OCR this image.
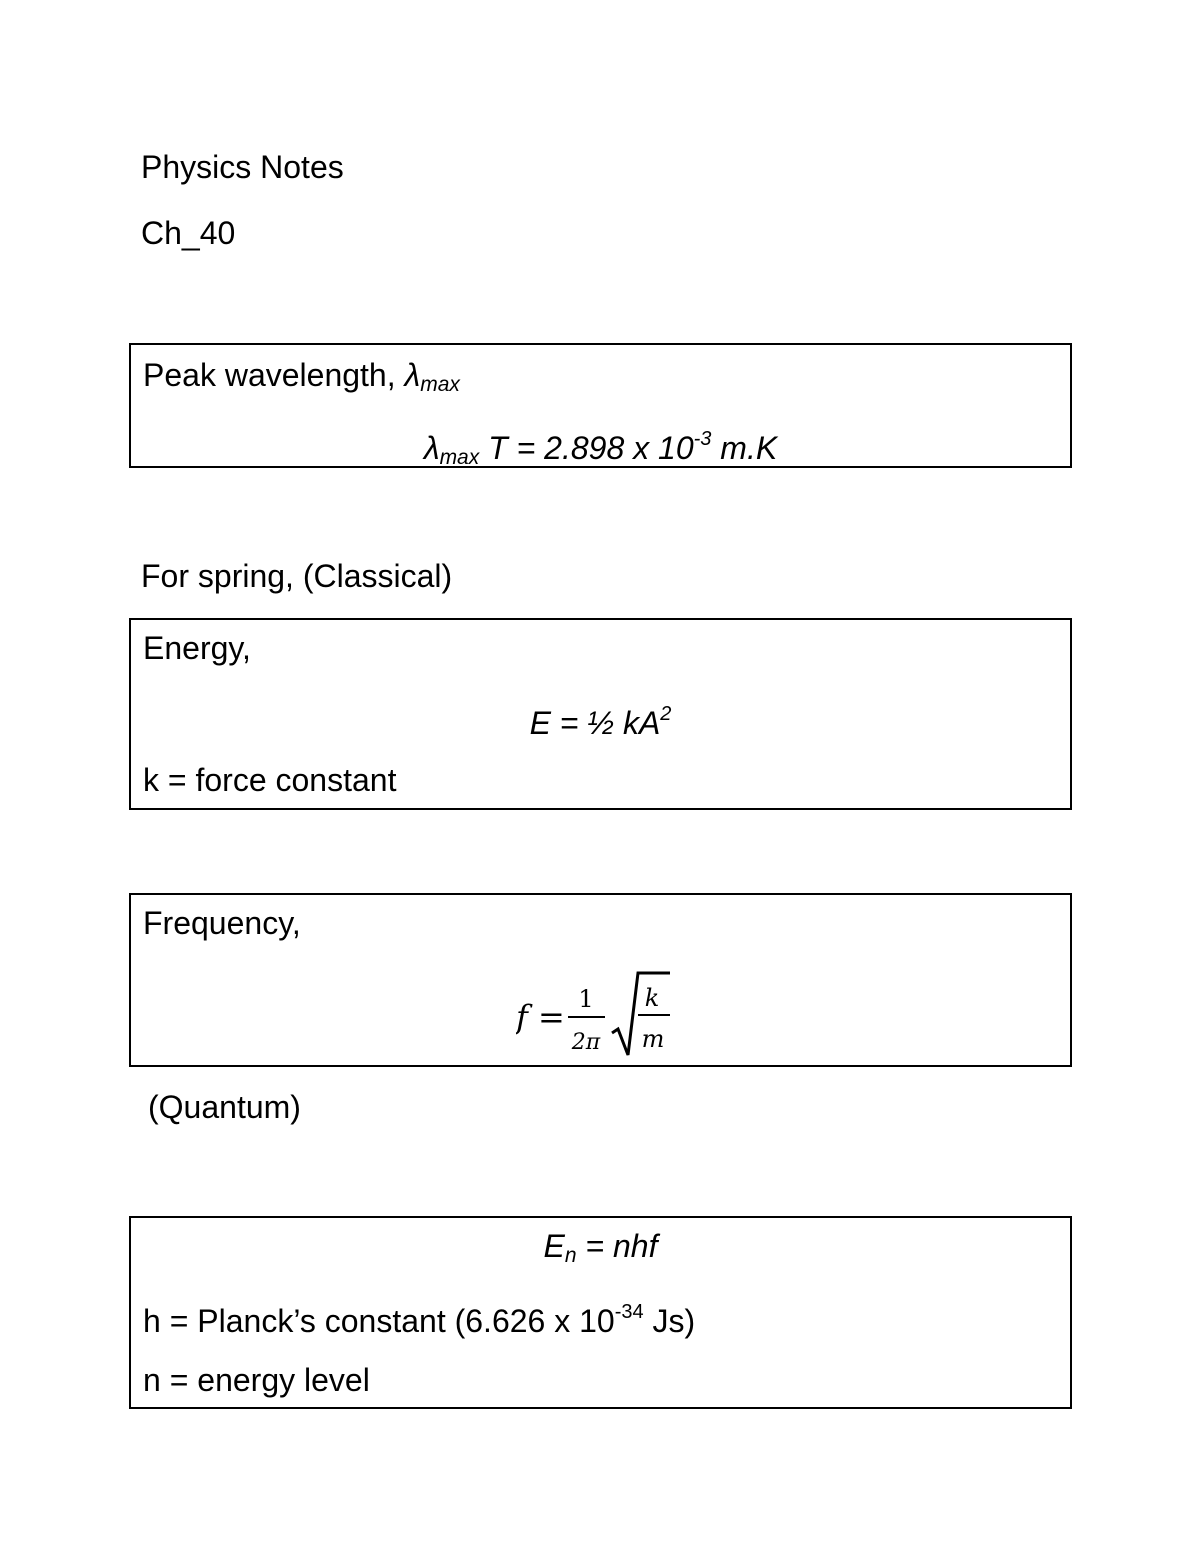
Physics Notes
Ch_40
Peak wavelength, $\lambda_{max}$
$\lambda_{max}$ T = 2.898 x $10^{-3}$ m.K
For spring, (Classical)
Energy,
E = ½ $kA^2$
k = force constant
Frequency,
f = 1
2π
k
m
(Quantum)
$E_n$ = nhf
h = Planck’s constant (6.626 x $10^{-34}$ Js)
n = energy level
